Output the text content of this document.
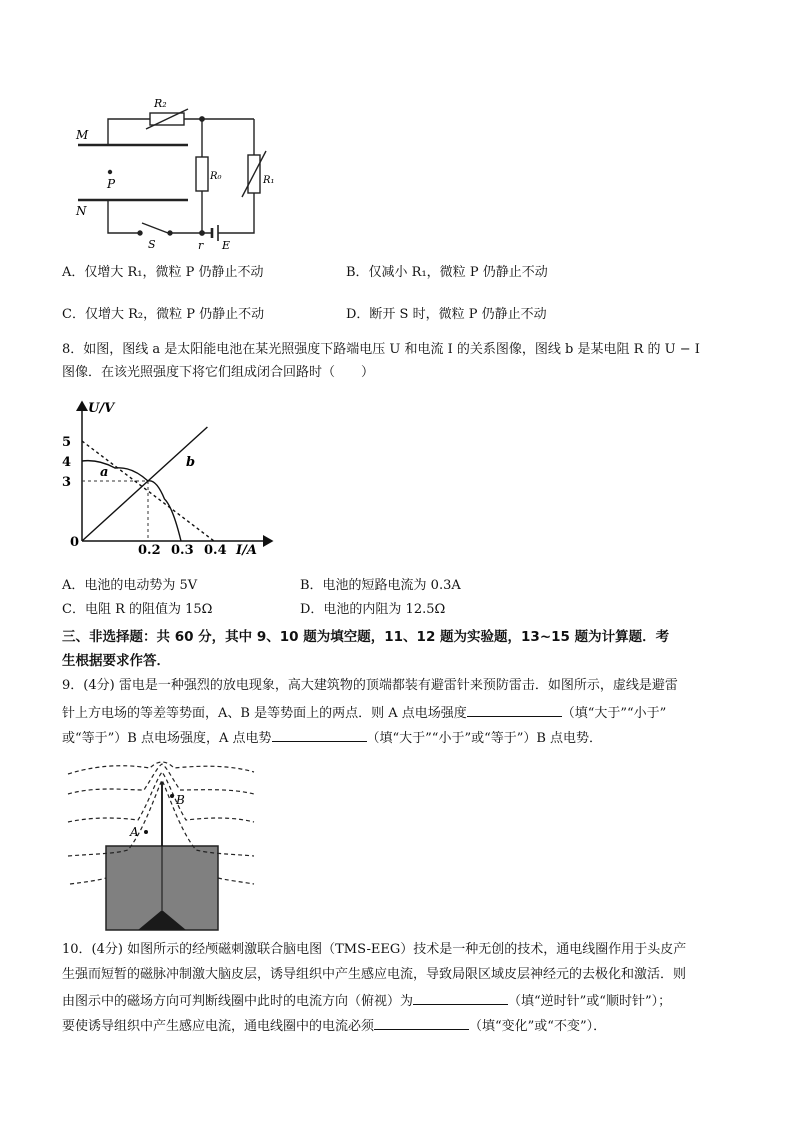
M
N
P
R₂
R₀	R₁
S	r E
A．仅增大 R₁，微粒 P 仍静止不动	B．仅减小 R₁，微粒 P 仍静止不动
C．仅增大 R₂，微粒 P 仍静止不动	D．断开 S 时，微粒 P 仍静止不动
8．如图，图线 a 是太阳能电池在某光照强度下路端电压 U 和电流 I 的关系图像，图线 b 是某电阻 R 的 U − I
图像．在该光照强度下将它们组成闭合回路时（　　）
5
4
3
0.2 0.3 0.4
U/V
I/A
0
a
b
A．电池的电动势为 5V	B．电池的短路电流为 0.3A
C．电阻 R 的阻值为 15Ω	D．电池的内阻为 12.5Ω
三、非选择题：共 60 分，其中 9、10 题为填空题，11、12 题为实验题，13~15 题为计算题．考
生根据要求作答．
9．(4分) 雷电是一种强烈的放电现象，高大建筑物的顶端都装有避雷针来预防雷击．如图所示，虚线是避雷
针上方电场的等差等势面，A、B 是等势面上的两点．则 A 点电场强度	（填“大于”“小于”
或“等于”）B 点电场强度，A 点电势	（填“大于”“小于”或“等于”）B 点电势．
A
B
10．(4分) 如图所示的经颅磁刺激联合脑电图（TMS-EEG）技术是一种无创的技术，通电线圈作用于头皮产
生强而短暂的磁脉冲制激大脑皮层，诱导组织中产生感应电流，导致局限区域皮层神经元的去极化和激活．则
由图示中的磁场方向可判断线圈中此时的电流方向（俯视）为	（填“逆时针”或“顺时针”）；
要使诱导组织中产生感应电流，通电线圈中的电流必须	（填“变化”或“不变”）．
